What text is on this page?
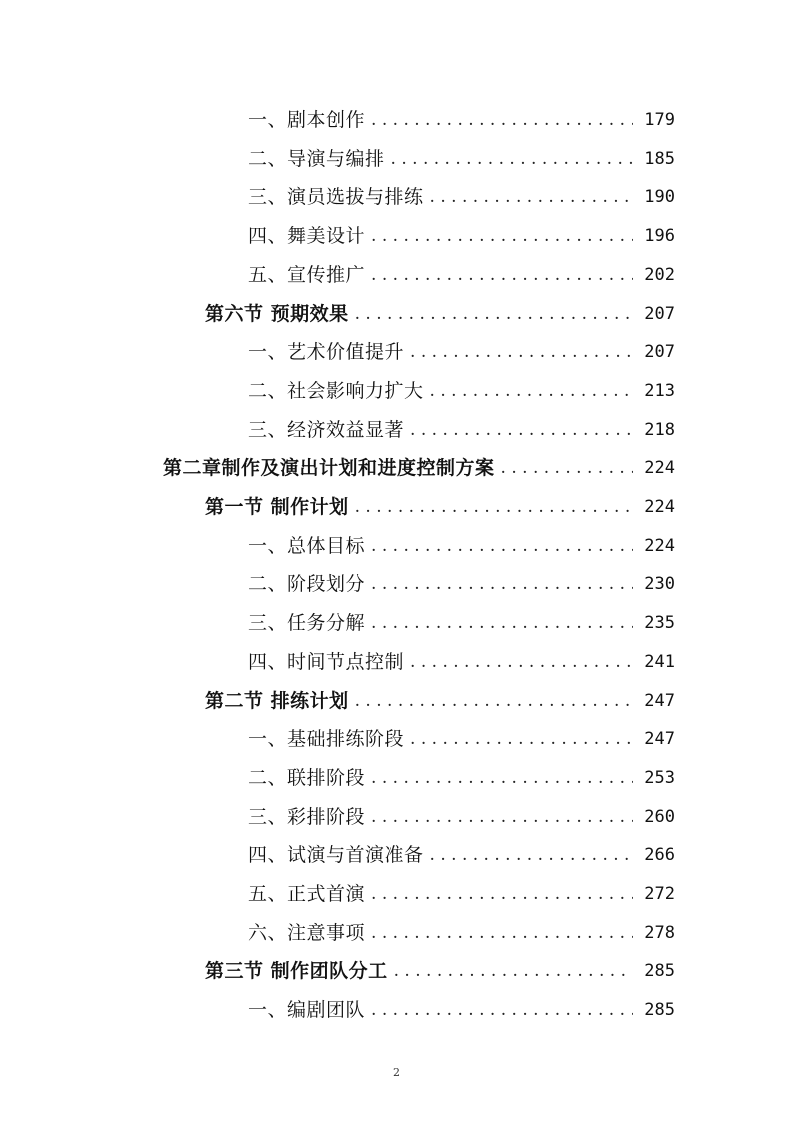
一、剧本创作 . . .	179
二、导演与编排 . . .	185
三、演员选拔与排练 . . .	190
四、舞美设计 . . .	196
五、宣传推广 . . .	202
第六节 预期效果 . . .	207
一、艺术价值提升 . . .	207
二、社会影响力扩大 . . .	213
三、经济效益显著 . . .	218
第二章制作及演出计划和进度控制方案 . . .	224
第一节 制作计划 . . .	224
一、总体目标 . . .	224
二、阶段划分 . . .	230
三、任务分解 . . .	235
四、时间节点控制 . . .	241
第二节 排练计划 . . .	247
一、基础排练阶段 . . .	247
二、联排阶段 . . .	253
三、彩排阶段 . . .	260
四、试演与首演准备 . . .	266
五、正式首演 . . .	272
六、注意事项 . . .	278
第三节 制作团队分工 . . .	285
一、编剧团队 . . .	285
2
